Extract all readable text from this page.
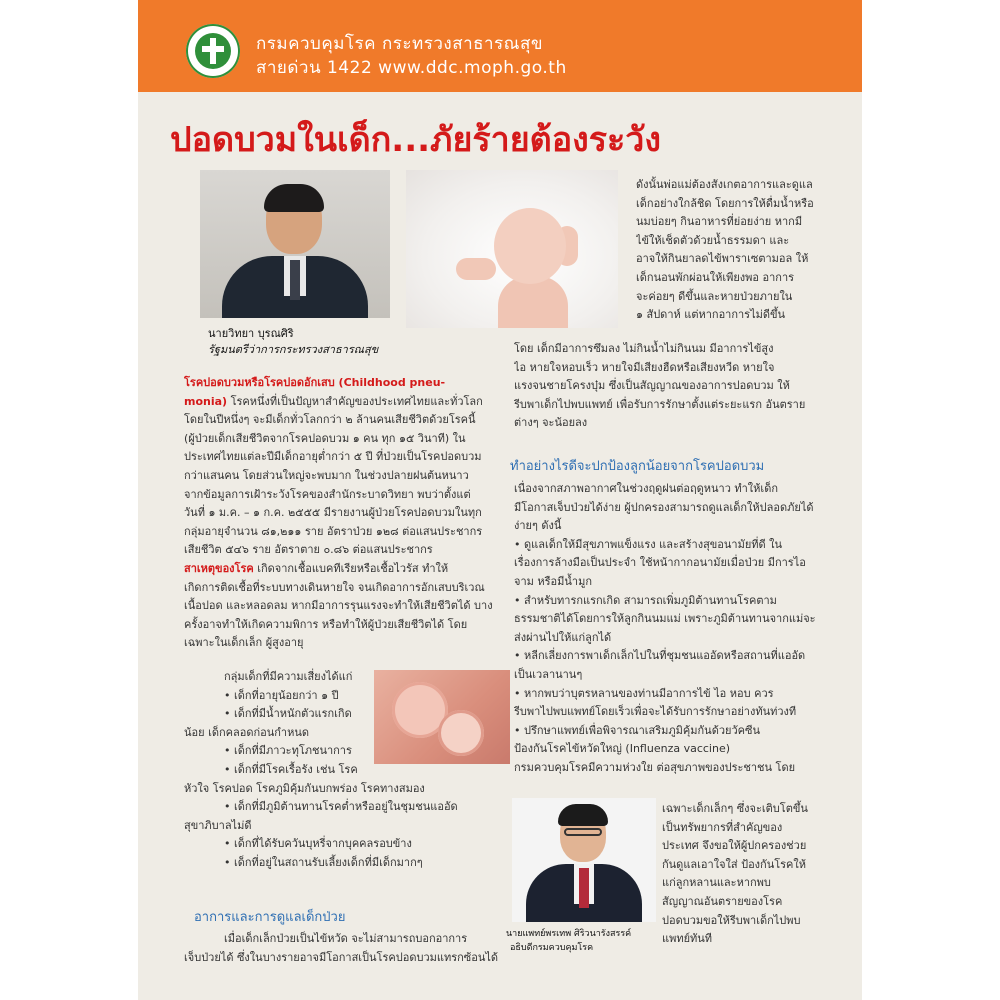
กรมควบคุมโรค กระทรวงสาธารณสุข
สายด่วน 1422 www.ddc.moph.go.th
ปอดบวมในเด็ก...ภัยร้ายต้องระวัง
นายวิทยา บุรณศิริ
รัฐมนตรีว่าการกระทรวงสาธารณสุข
ดังนั้นพ่อแม่ต้องสังเกตอาการและดูแล
เด็กอย่างใกล้ชิด โดยการให้ดื่มน้ำหรือ
นมบ่อยๆ กินอาหารที่ย่อยง่าย หากมี
ไข้ให้เช็ดตัวด้วยน้ำธรรมดา และ
อาจให้กินยาลดไข้พาราเซตามอล ให้
เด็กนอนพักผ่อนให้เพียงพอ อาการ
จะค่อยๆ ดีขึ้นและหายป่วยภายใน
๑ สัปดาห์ แต่หากอาการไม่ดีขึ้น
โดย เด็กมีอาการซึมลง ไม่กินน้ำไม่กินนม มีอาการไข้สูง
ไอ หายใจหอบเร็ว หายใจมีเสียงฮืดหรือเสียงหวีด หายใจ
แรงจนชายโครงบุ๋ม ซึ่งเป็นสัญญาณของอาการปอดบวม ให้
รีบพาเด็กไปพบแพทย์ เพื่อรับการรักษาตั้งแต่ระยะแรก อันตราย
ต่างๆ จะน้อยลง
ทำอย่างไรดีจะปกป้องลูกน้อยจากโรคปอดบวม
เนื่องจากสภาพอากาศในช่วงฤดูฝนต่อฤดูหนาว ทำให้เด็ก
มีโอกาสเจ็บป่วยได้ง่าย ผู้ปกครองสามารถดูแลเด็กให้ปลอดภัยได้
ง่ายๆ ดังนี้
• ดูแลเด็กให้มีสุขภาพแข็งแรง และสร้างสุขอนามัยที่ดี ใน
เรื่องการล้างมือเป็นประจำ ใช้หน้ากากอนามัยเมื่อป่วย มีการไอ
จาม หรือมีน้ำมูก
• สำหรับทารกแรกเกิด สามารถเพิ่มภูมิต้านทานโรคตาม
ธรรมชาติได้โดยการให้ลูกกินนมแม่ เพราะภูมิต้านทานจากแม่จะ
ส่งผ่านไปให้แก่ลูกได้
• หลีกเลี่ยงการพาเด็กเล็กไปในที่ชุมชนแออัดหรือสถานที่แออัด
เป็นเวลานานๆ
• หากพบว่าบุตรหลานของท่านมีอาการไข้ ไอ หอบ ควร
รีบพาไปพบแพทย์โดยเร็วเพื่อจะได้รับการรักษาอย่างทันท่วงที
• ปรึกษาแพทย์เพื่อพิจารณาเสริมภูมิคุ้มกันด้วยวัคซีน
ป้องกันโรคไข้หวัดใหญ่ (Influenza vaccine)
กรมควบคุมโรคมีความห่วงใย ต่อสุขภาพของประชาชน โดย
นายแพทย์พรเทพ ศิริวนารังสรรค์
อธิบดีกรมควบคุมโรค
เฉพาะเด็กเล็กๆ ซึ่งจะเติบโตขึ้น
เป็นทรัพยากรที่สำคัญของ
ประเทศ จึงขอให้ผู้ปกครองช่วย
กันดูแลเอาใจใส่ ป้องกันโรคให้
แก่ลูกหลานและหากพบ
สัญญาณอันตรายของโรค
ปอดบวมขอให้รีบพาเด็กไปพบ
แพทย์ทันที
โรคปอดบวมหรือโรคปอดอักเสบ (Childhood pneu-
monia) โรคหนึ่งที่เป็นปัญหาสำคัญของประเทศไทยและทั่วโลก
โดยในปีหนึ่งๆ จะมีเด็กทั่วโลกกว่า ๒ ล้านคนเสียชีวิตด้วยโรคนี้
(ผู้ป่วยเด็กเสียชีวิตจากโรคปอดบวม ๑ คน ทุก ๑๕ วินาที) ใน
ประเทศไทยแต่ละปีมีเด็กอายุต่ำกว่า ๕ ปี ที่ป่วยเป็นโรคปอดบวม
กว่าแสนคน โดยส่วนใหญ่จะพบมาก ในช่วงปลายฝนต้นหนาว
จากข้อมูลการเฝ้าระวังโรคของสำนักระบาดวิทยา พบว่าตั้งแต่
วันที่ ๑ ม.ค. – ๑ ก.ค. ๒๕๕๕ มีรายงานผู้ป่วยโรคปอดบวมในทุก
กลุ่มอายุจำนวน ๘๑,๒๑๑ ราย อัตราป่วย ๑๒๘ ต่อแสนประชากร
เสียชีวิต ๕๔๖ ราย อัตราตาย ๐.๘๖ ต่อแสนประชากร
สาเหตุของโรค เกิดจากเชื้อแบคทีเรียหรือเชื้อไวรัส ทำให้
เกิดการติดเชื้อที่ระบบทางเดินหายใจ จนเกิดอาการอักเสบบริเวณ
เนื้อปอด และหลอดลม หากมีอาการรุนแรงจะทำให้เสียชีวิตได้ บาง
ครั้งอาจทำให้เกิดความพิการ หรือทำให้ผู้ป่วยเสียชีวิตได้ โดย
เฉพาะในเด็กเล็ก ผู้สูงอายุ
กลุ่มเด็กที่มีความเสี่ยงได้แก่
• เด็กที่อายุน้อยกว่า ๑ ปี
• เด็กที่มีน้ำหนักตัวแรกเกิด
น้อย เด็กคลอดก่อนกำหนด
• เด็กที่มีภาวะทุโภชนาการ
• เด็กที่มีโรคเรื้อรัง เช่น โรค
หัวใจ โรคปอด โรคภูมิคุ้มกันบกพร่อง โรคทางสมอง
• เด็กที่มีภูมิต้านทานโรคต่ำหรืออยู่ในชุมชนแออัด
สุขาภิบาลไม่ดี
• เด็กที่ได้รับควันบุหรี่จากบุคคลรอบข้าง
• เด็กที่อยู่ในสถานรับเลี้ยงเด็กที่มีเด็กมากๆ
อาการและการดูแลเด็กป่วย
เมื่อเด็กเล็กป่วยเป็นไข้หวัด จะไม่สามารถบอกอาการ
เจ็บป่วยได้ ซึ่งในบางรายอาจมีโอกาสเป็นโรคปอดบวมแทรกซ้อนได้
